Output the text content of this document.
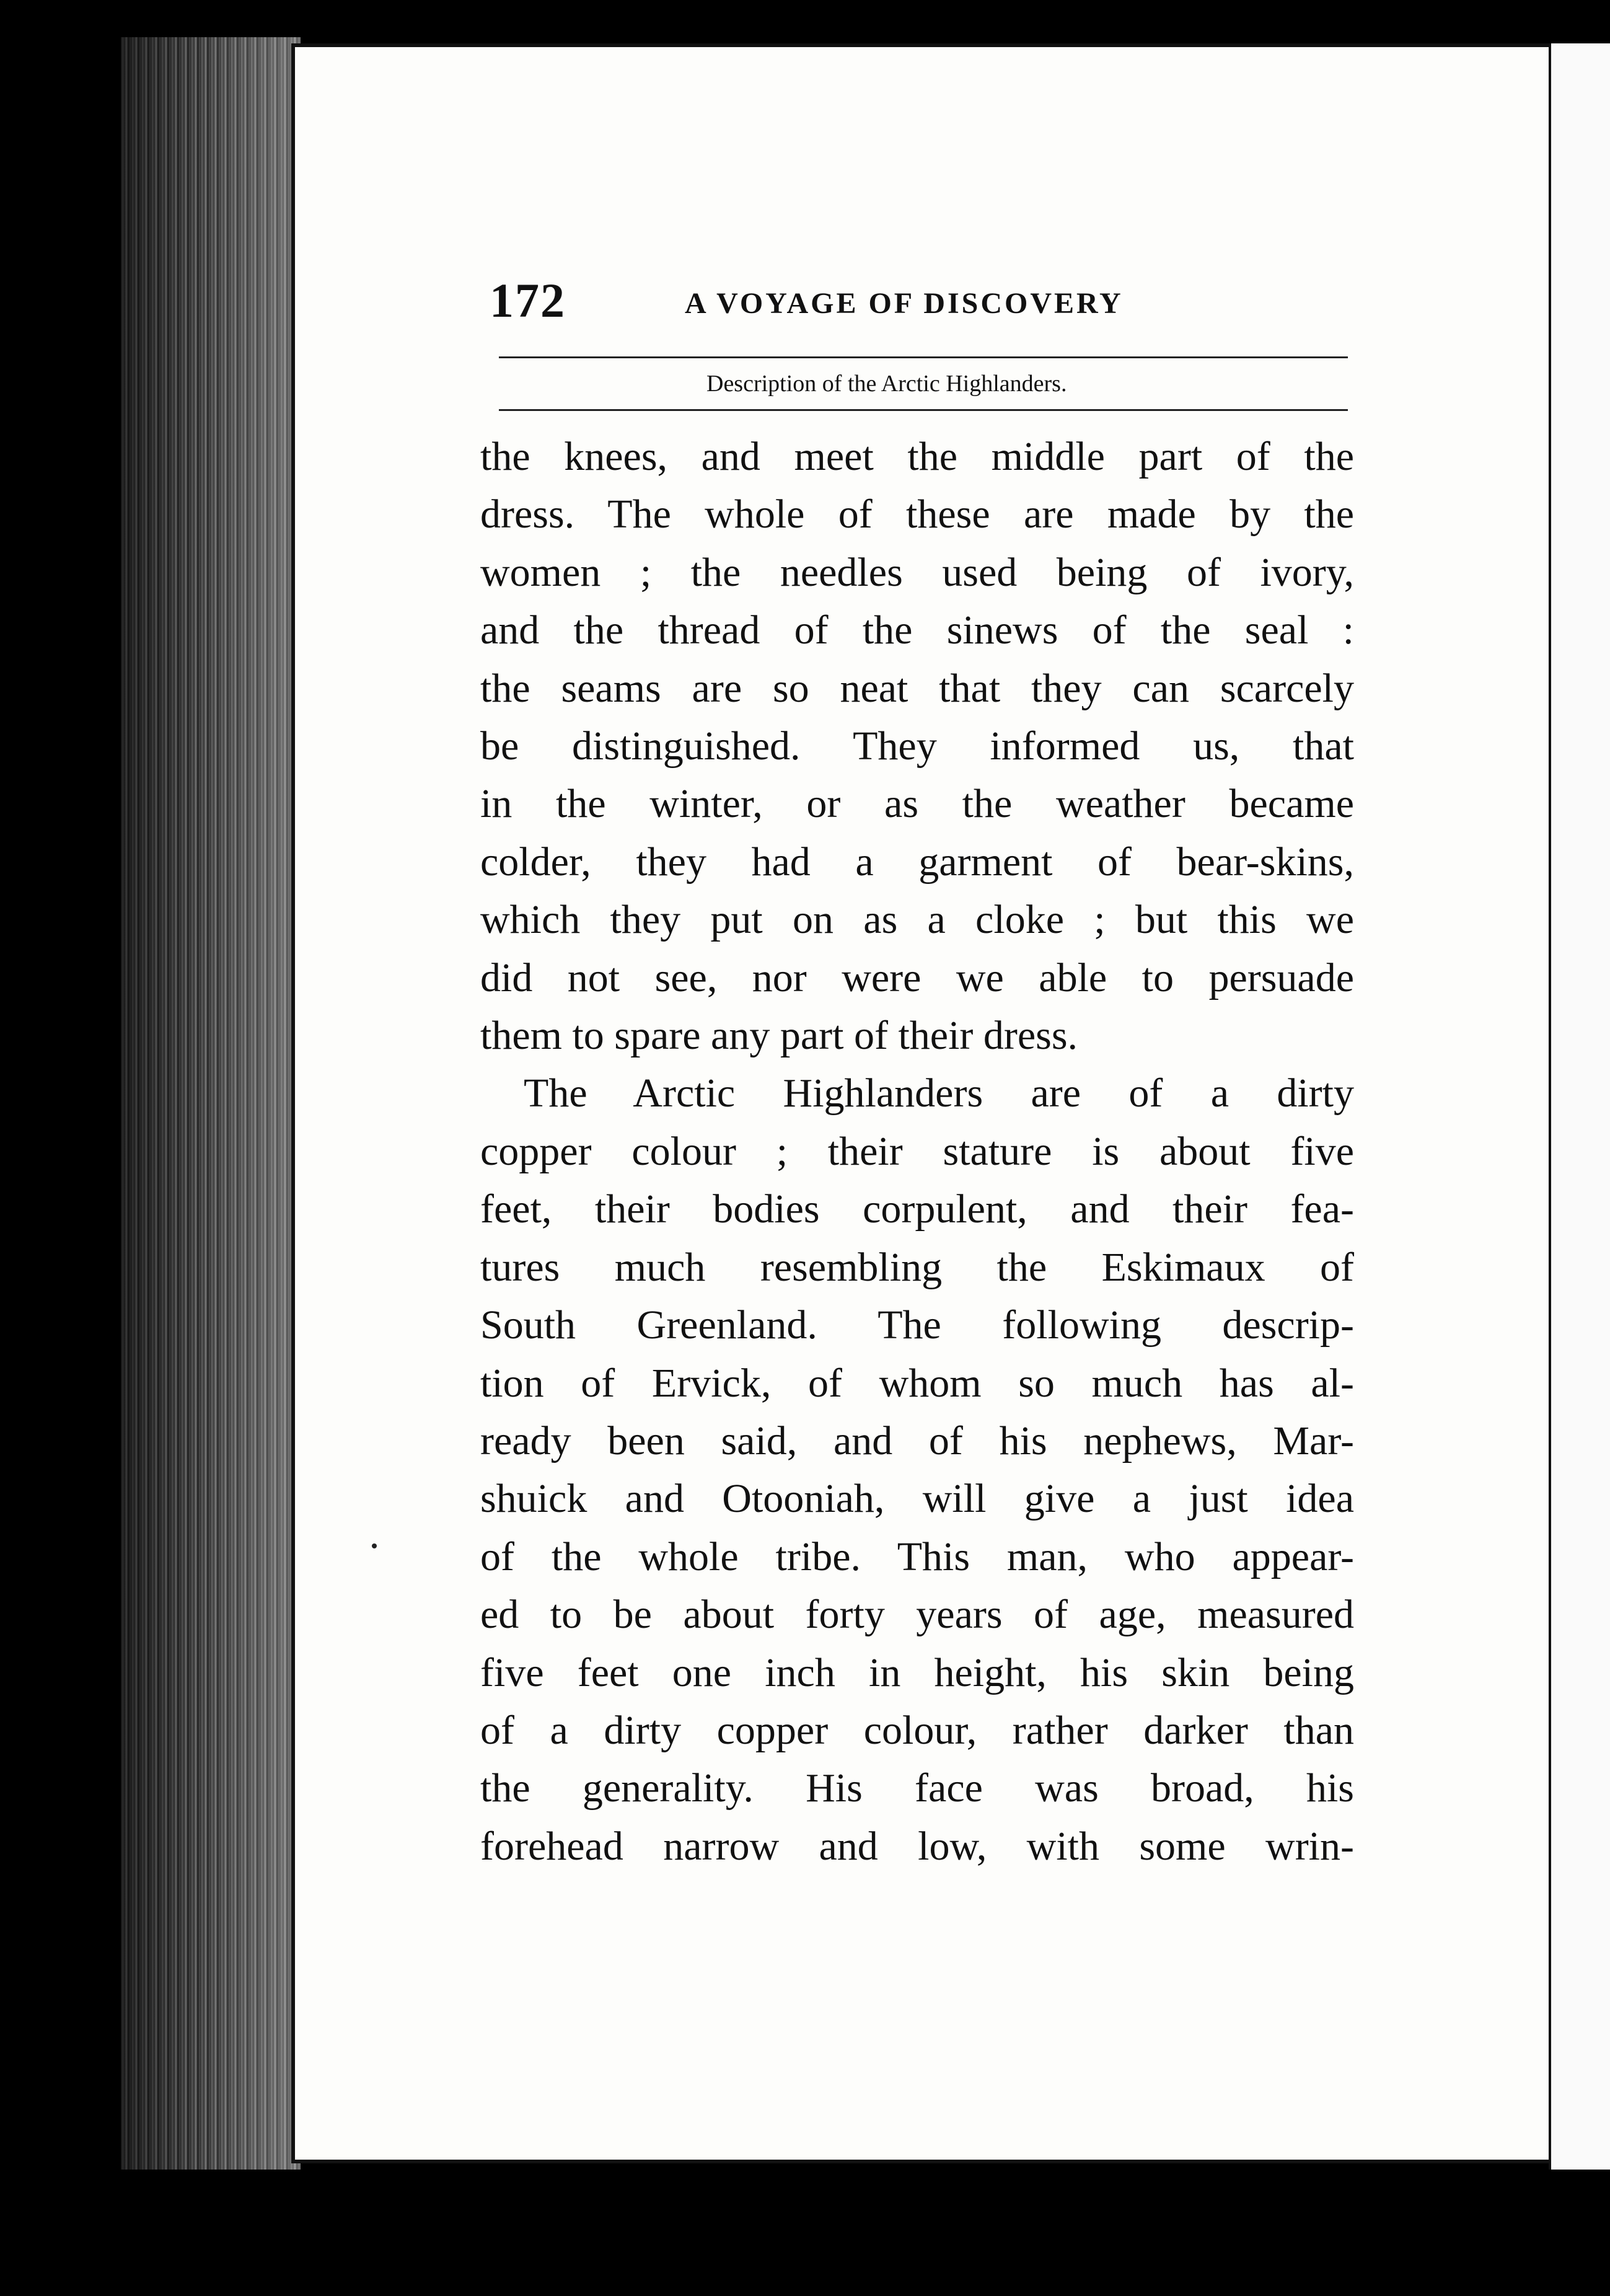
172	A VOYAGE OF DISCOVERY
Description of the Arctic Highlanders.
the knees, and meet the middle part of the
dress. The whole of these are made by the
women ; the needles used being of ivory,
and the thread of the sinews of the seal :
the seams are so neat that they can scarcely
be distinguished. They informed us, that
in the winter, or as the weather became
colder, they had a garment of bear-skins,
which they put on as a cloke ; but this we
did not see, nor were we able to persuade
them to spare any part of their dress.
The Arctic Highlanders are of a dirty
copper colour ; their stature is about five
feet, their bodies corpulent, and their fea-
tures much resembling the Eskimaux of
South Greenland. The following descrip-
tion of Ervick, of whom so much has al-
ready been said, and of his nephews, Mar-
shuick and Otooniah, will give a just idea
of the whole tribe. This man, who appear-
ed to be about forty years of age, measured
five feet one inch in height, his skin being
of a dirty copper colour, rather darker than
the generality. His face was broad, his
forehead narrow and low, with some wrin-
